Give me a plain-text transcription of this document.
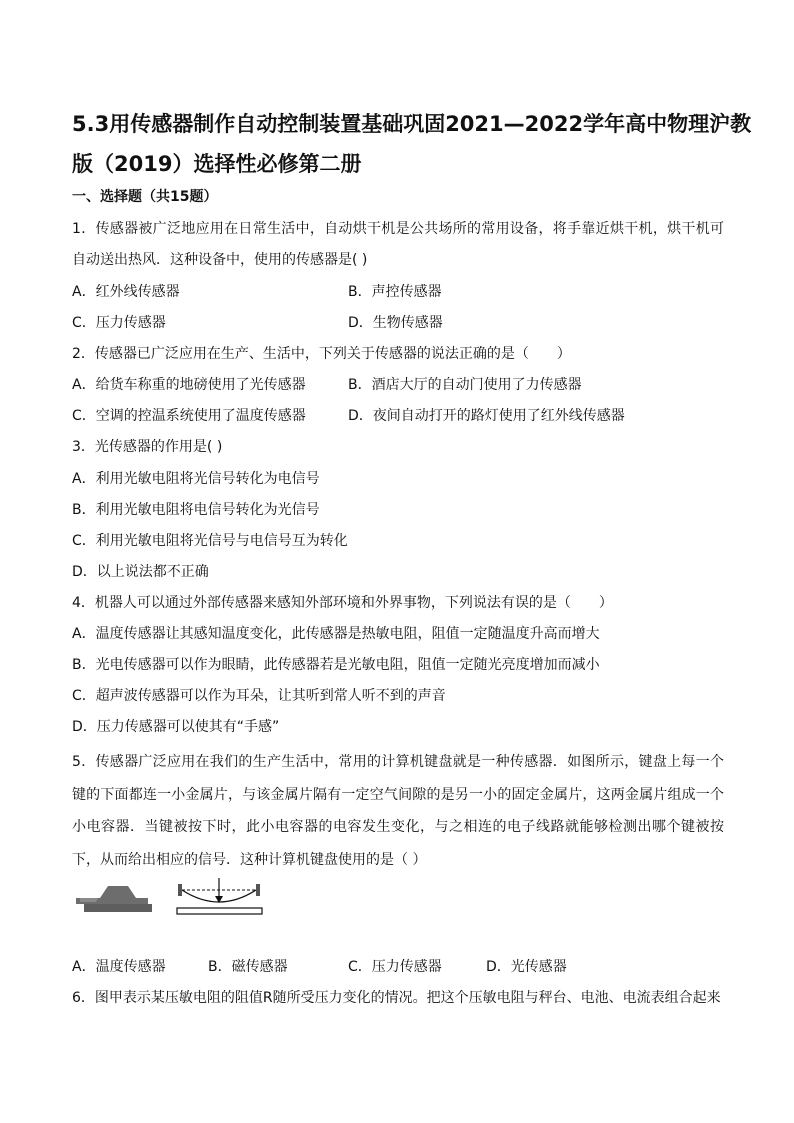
5.3用传感器制作自动控制装置基础巩固2021—2022学年高中物理沪教版（2019）选择性必修第二册
一、选择题（共15题）
1．传感器被广泛地应用在日常生活中，自动烘干机是公共场所的常用设备，将手靠近烘干机，烘干机可自动送出热风．这种设备中，使用的传感器是( )
A．红外线传感器	B．声控传感器
C．压力传感器	D．生物传感器
2．传感器已广泛应用在生产、生活中，下列关于传感器的说法正确的是（　　）
A．给货车称重的地磅使用了光传感器	B．酒店大厅的自动门使用了力传感器
C．空调的控温系统使用了温度传感器	D．夜间自动打开的路灯使用了红外线传感器
3．光传感器的作用是( )
A．利用光敏电阻将光信号转化为电信号
B．利用光敏电阻将电信号转化为光信号
C．利用光敏电阻将光信号与电信号互为转化
D．以上说法都不正确
4．机器人可以通过外部传感器来感知外部环境和外界事物，下列说法有误的是（　　）
A．温度传感器让其感知温度变化，此传感器是热敏电阻，阻值一定随温度升高而增大
B．光电传感器可以作为眼睛，此传感器若是光敏电阻，阻值一定随光亮度增加而减小
C．超声波传感器可以作为耳朵，让其听到常人听不到的声音
D．压力传感器可以使其有“手感”
5．传感器广泛应用在我们的生产生活中，常用的计算机键盘就是一种传感器．如图所示，键盘上每一个键的下面都连一小金属片，与该金属片隔有一定空气间隙的是另一小的固定金属片，这两金属片组成一个小电容器．当键被按下时，此小电容器的电容发生变化，与之相连的电子线路就能够检测出哪个键被按下，从而给出相应的信号．这种计算机键盘使用的是（ ）
A．温度传感器	B．磁传感器	C．压力传感器	D．光传感器
6．图甲表示某压敏电阻的阻值R随所受压力变化的情况。把这个压敏电阻与秤台、电池、电流表组合起来
